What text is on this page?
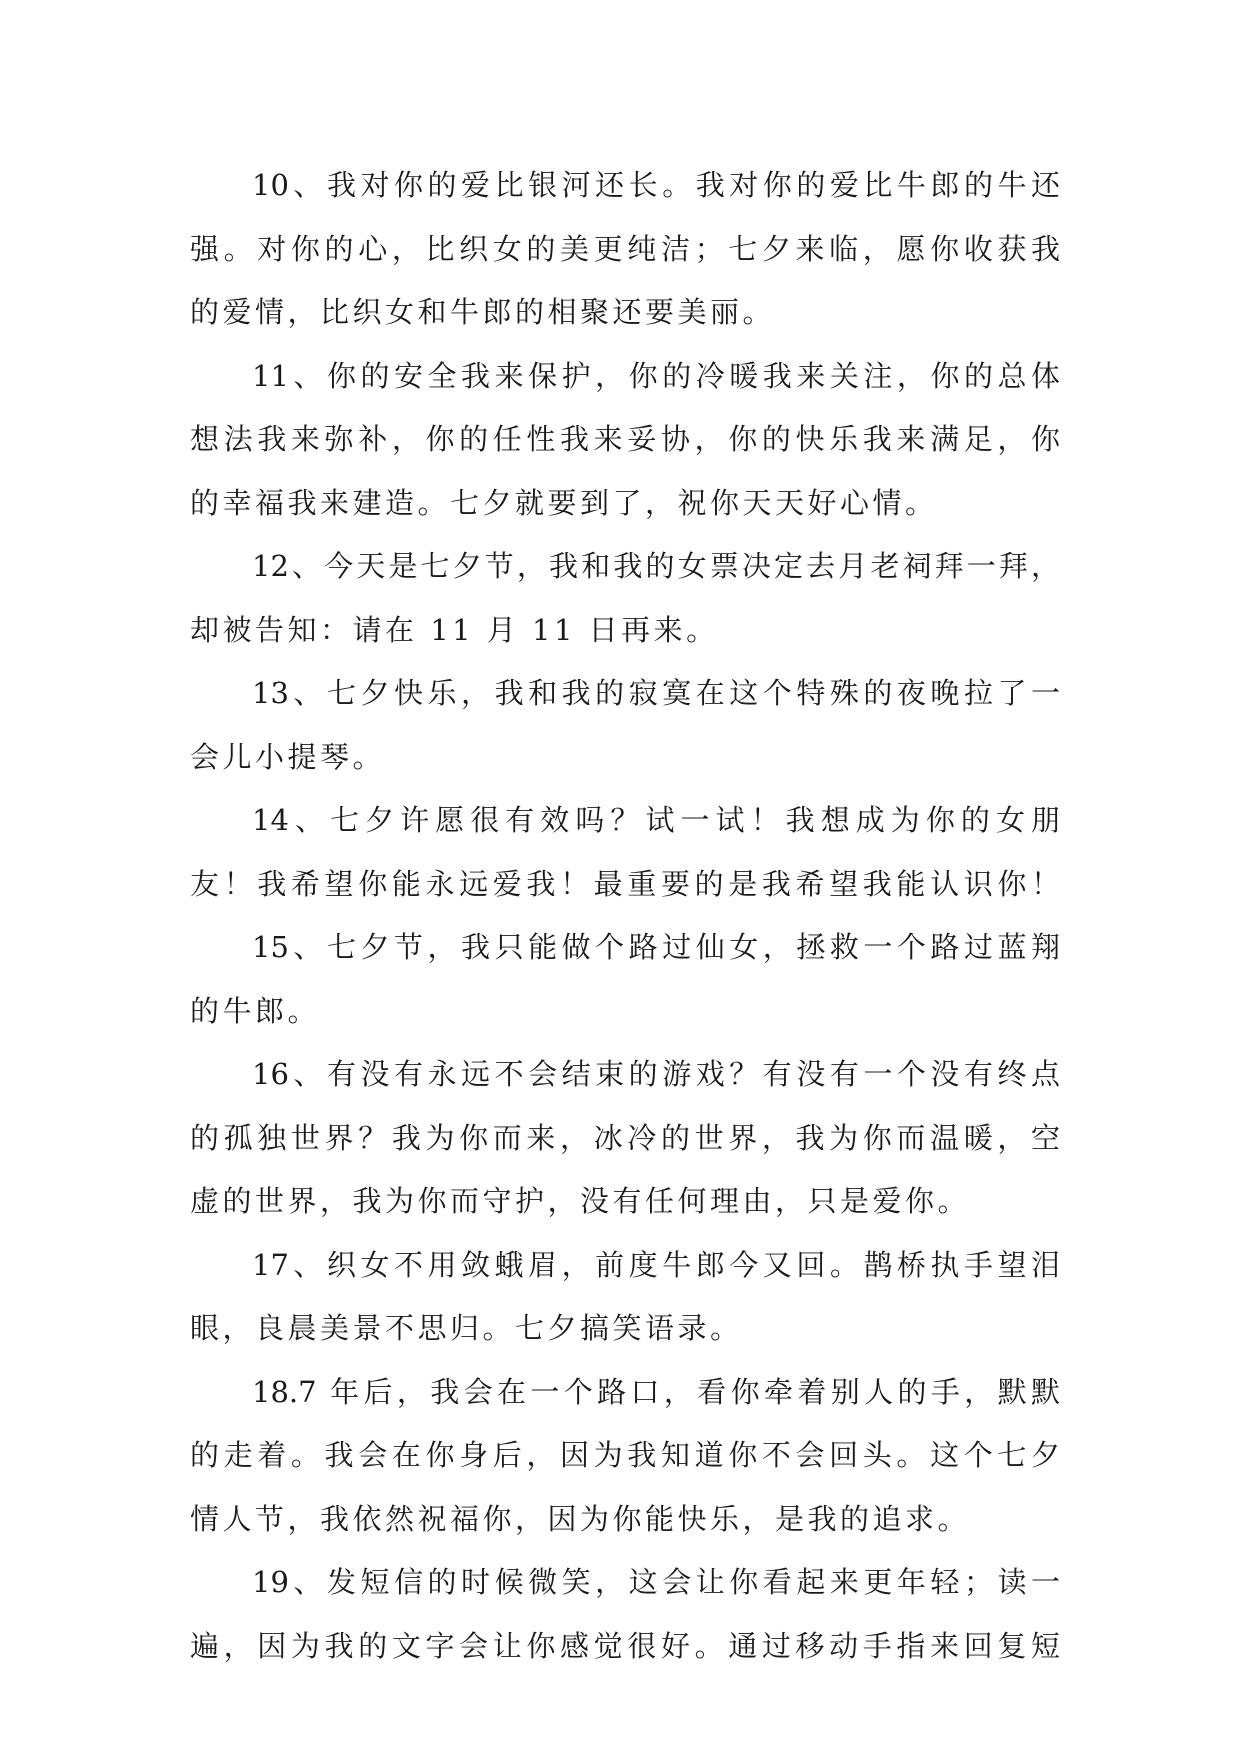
10、我对你的爱比银河还长。我对你的爱比牛郎的牛还
强。对你的心，比织女的美更纯洁；七夕来临，愿你收获我
的爱情，比织女和牛郎的相聚还要美丽。

11、你的安全我来保护，你的冷暖我来关注，你的总体
想法我来弥补，你的任性我来妥协，你的快乐我来满足，你
的幸福我来建造。七夕就要到了，祝你天天好心情。

12、今天是七夕节，我和我的女票决定去月老祠拜一拜，
却被告知：请在 11 月 11 日再来。

13、七夕快乐，我和我的寂寞在这个特殊的夜晚拉了一
会儿小提琴。

14、七夕许愿很有效吗？试一试！我想成为你的女朋
友！我希望你能永远爱我！最重要的是我希望我能认识你！

15、七夕节，我只能做个路过仙女，拯救一个路过蓝翔
的牛郎。

16、有没有永远不会结束的游戏？有没有一个没有终点
的孤独世界？我为你而来，冰冷的世界，我为你而温暖，空
虚的世界，我为你而守护，没有任何理由，只是爱你。

17、织女不用敛蛾眉，前度牛郎今又回。鹊桥执手望泪
眼，良晨美景不思归。七夕搞笑语录。

18.7 年后，我会在一个路口，看你牵着别人的手，默默
的走着。我会在你身后，因为我知道你不会回头。这个七夕
情人节，我依然祝福你，因为你能快乐，是我的追求。

19、发短信的时候微笑，这会让你看起来更年轻；读一
遍，因为我的文字会让你感觉很好。通过移动手指来回复短
